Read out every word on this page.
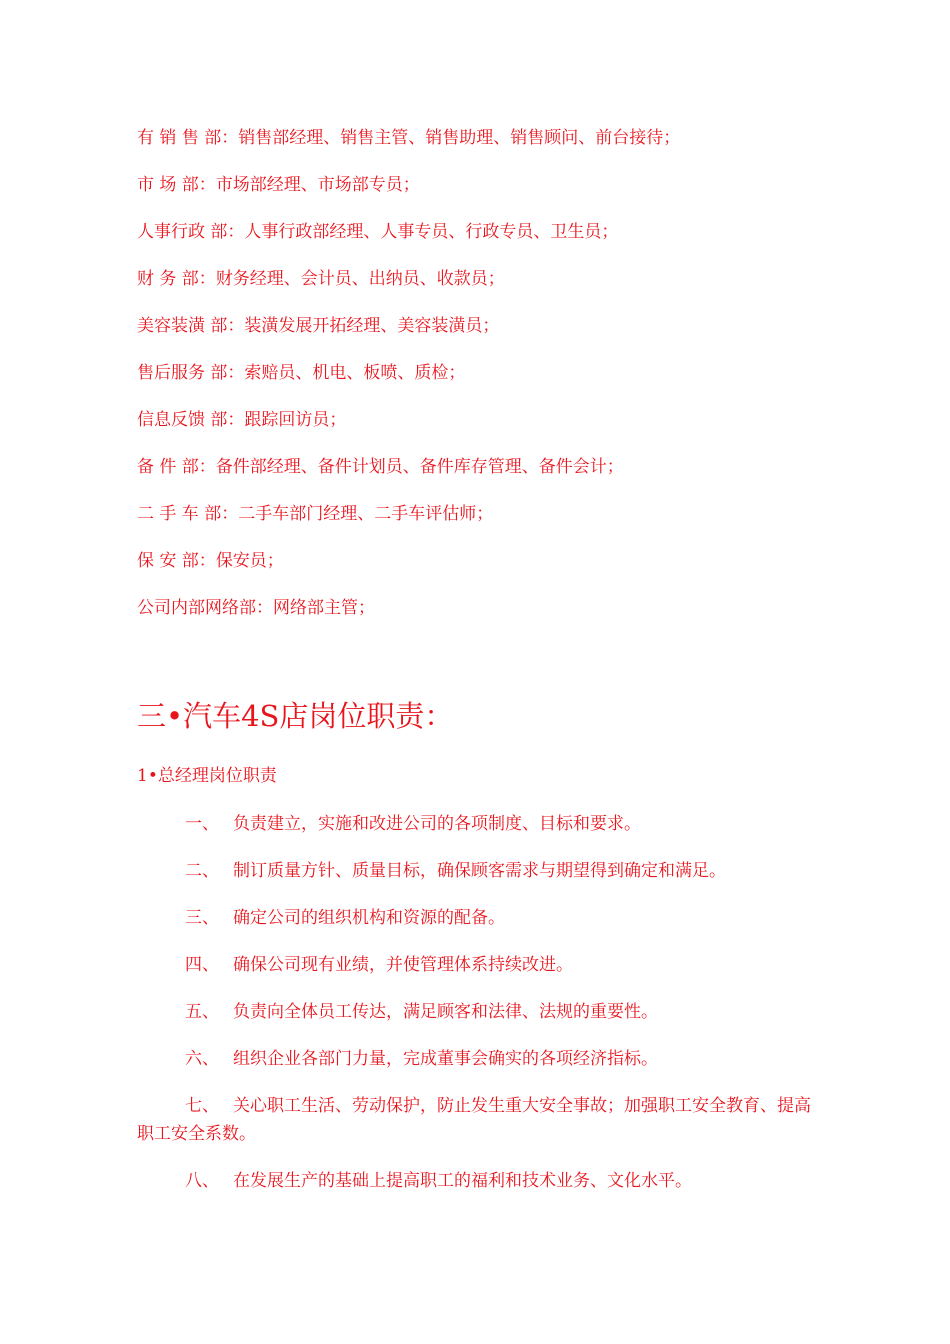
有 销 售 部：销售部经理、销售主管、销售助理、销售顾问、前台接待；
市 场 部：市场部经理、市场部专员；
人事行政 部：人事行政部经理、人事专员、行政专员、卫生员；
财 务 部：财务经理、会计员、出纳员、收款员；
美容装潢 部：装潢发展开拓经理、美容装潢员；
售后服务 部：索赔员、机电、板喷、质检；
信息反馈 部：跟踪回访员；
备 件 部：备件部经理、备件计划员、备件库存管理、备件会计；
二 手 车 部：二手车部门经理、二手车评估师；
保 安 部：保安员；
公司内部网络部：网络部主管；
三•汽车4S店岗位职责：
1•总经理岗位职责
一、 负责建立，实施和改进公司的各项制度、目标和要求。
二、 制订质量方针、质量目标，确保顾客需求与期望得到确定和满足。
三、 确定公司的组织机构和资源的配备。
四、 确保公司现有业绩，并使管理体系持续改进。
五、 负责向全体员工传达，满足顾客和法律、法规的重要性。
六、 组织企业各部门力量，完成董事会确实的各项经济指标。
七、 关心职工生活、劳动保护，防止发生重大安全事故；加强职工安全教育、提高职工安全系数。
八、 在发展生产的基础上提高职工的福利和技术业务、文化水平。
